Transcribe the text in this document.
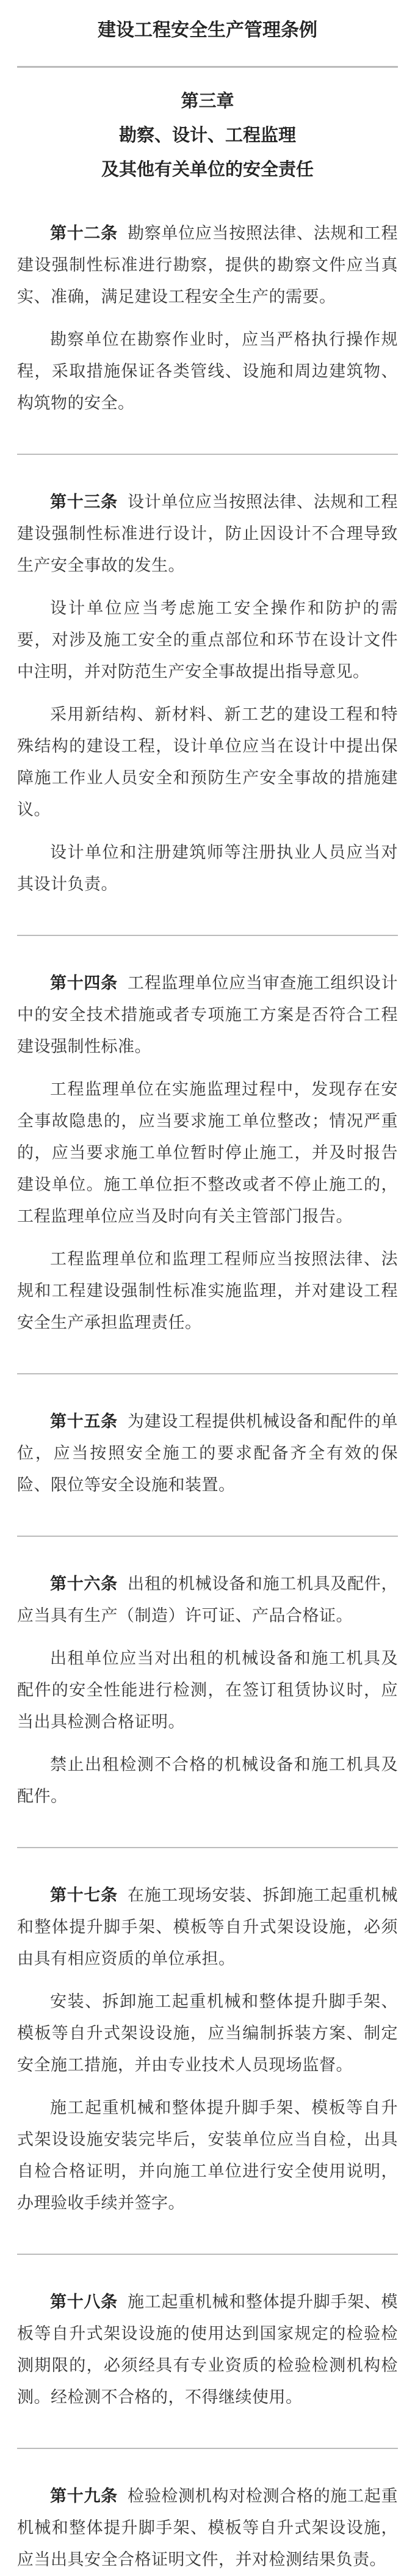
建设工程安全生产管理条例
第三章
勘察、设计、工程监理
及其他有关单位的安全责任

第十二条 勘察单位应当按照法律、法规和工程建设强制性标准进行勘察，提供的勘察文件应当真实、准确，满足建设工程安全生产的需要。

勘察单位在勘察作业时，应当严格执行操作规程，采取措施保证各类管线、设施和周边建筑物、构筑物的安全。

第十三条 设计单位应当按照法律、法规和工程建设强制性标准进行设计，防止因设计不合理导致生产安全事故的发生。

设计单位应当考虑施工安全操作和防护的需要，对涉及施工安全的重点部位和环节在设计文件中注明，并对防范生产安全事故提出指导意见。

采用新结构、新材料、新工艺的建设工程和特殊结构的建设工程，设计单位应当在设计中提出保障施工作业人员安全和预防生产安全事故的措施建议。

设计单位和注册建筑师等注册执业人员应当对其设计负责。

第十四条 工程监理单位应当审查施工组织设计中的安全技术措施或者专项施工方案是否符合工程建设强制性标准。

工程监理单位在实施监理过程中，发现存在安全事故隐患的，应当要求施工单位整改；情况严重的，应当要求施工单位暂时停止施工，并及时报告建设单位。施工单位拒不整改或者不停止施工的，工程监理单位应当及时向有关主管部门报告。

工程监理单位和监理工程师应当按照法律、法规和工程建设强制性标准实施监理，并对建设工程安全生产承担监理责任。

第十五条 为建设工程提供机械设备和配件的单位，应当按照安全施工的要求配备齐全有效的保险、限位等安全设施和装置。

第十六条 出租的机械设备和施工机具及配件，应当具有生产（制造）许可证、产品合格证。

出租单位应当对出租的机械设备和施工机具及配件的安全性能进行检测，在签订租赁协议时，应当出具检测合格证明。

禁止出租检测不合格的机械设备和施工机具及配件。

第十七条 在施工现场安装、拆卸施工起重机械和整体提升脚手架、模板等自升式架设设施，必须由具有相应资质的单位承担。

安装、拆卸施工起重机械和整体提升脚手架、模板等自升式架设设施，应当编制拆装方案、制定安全施工措施，并由专业技术人员现场监督。

施工起重机械和整体提升脚手架、模板等自升式架设设施安装完毕后，安装单位应当自检，出具自检合格证明，并向施工单位进行安全使用说明，办理验收手续并签字。

第十八条 施工起重机械和整体提升脚手架、模板等自升式架设设施的使用达到国家规定的检验检测期限的，必须经具有专业资质的检验检测机构检测。经检测不合格的，不得继续使用。

第十九条 检验检测机构对检测合格的施工起重机械和整体提升脚手架、模板等自升式架设设施，应当出具安全合格证明文件，并对检测结果负责。
